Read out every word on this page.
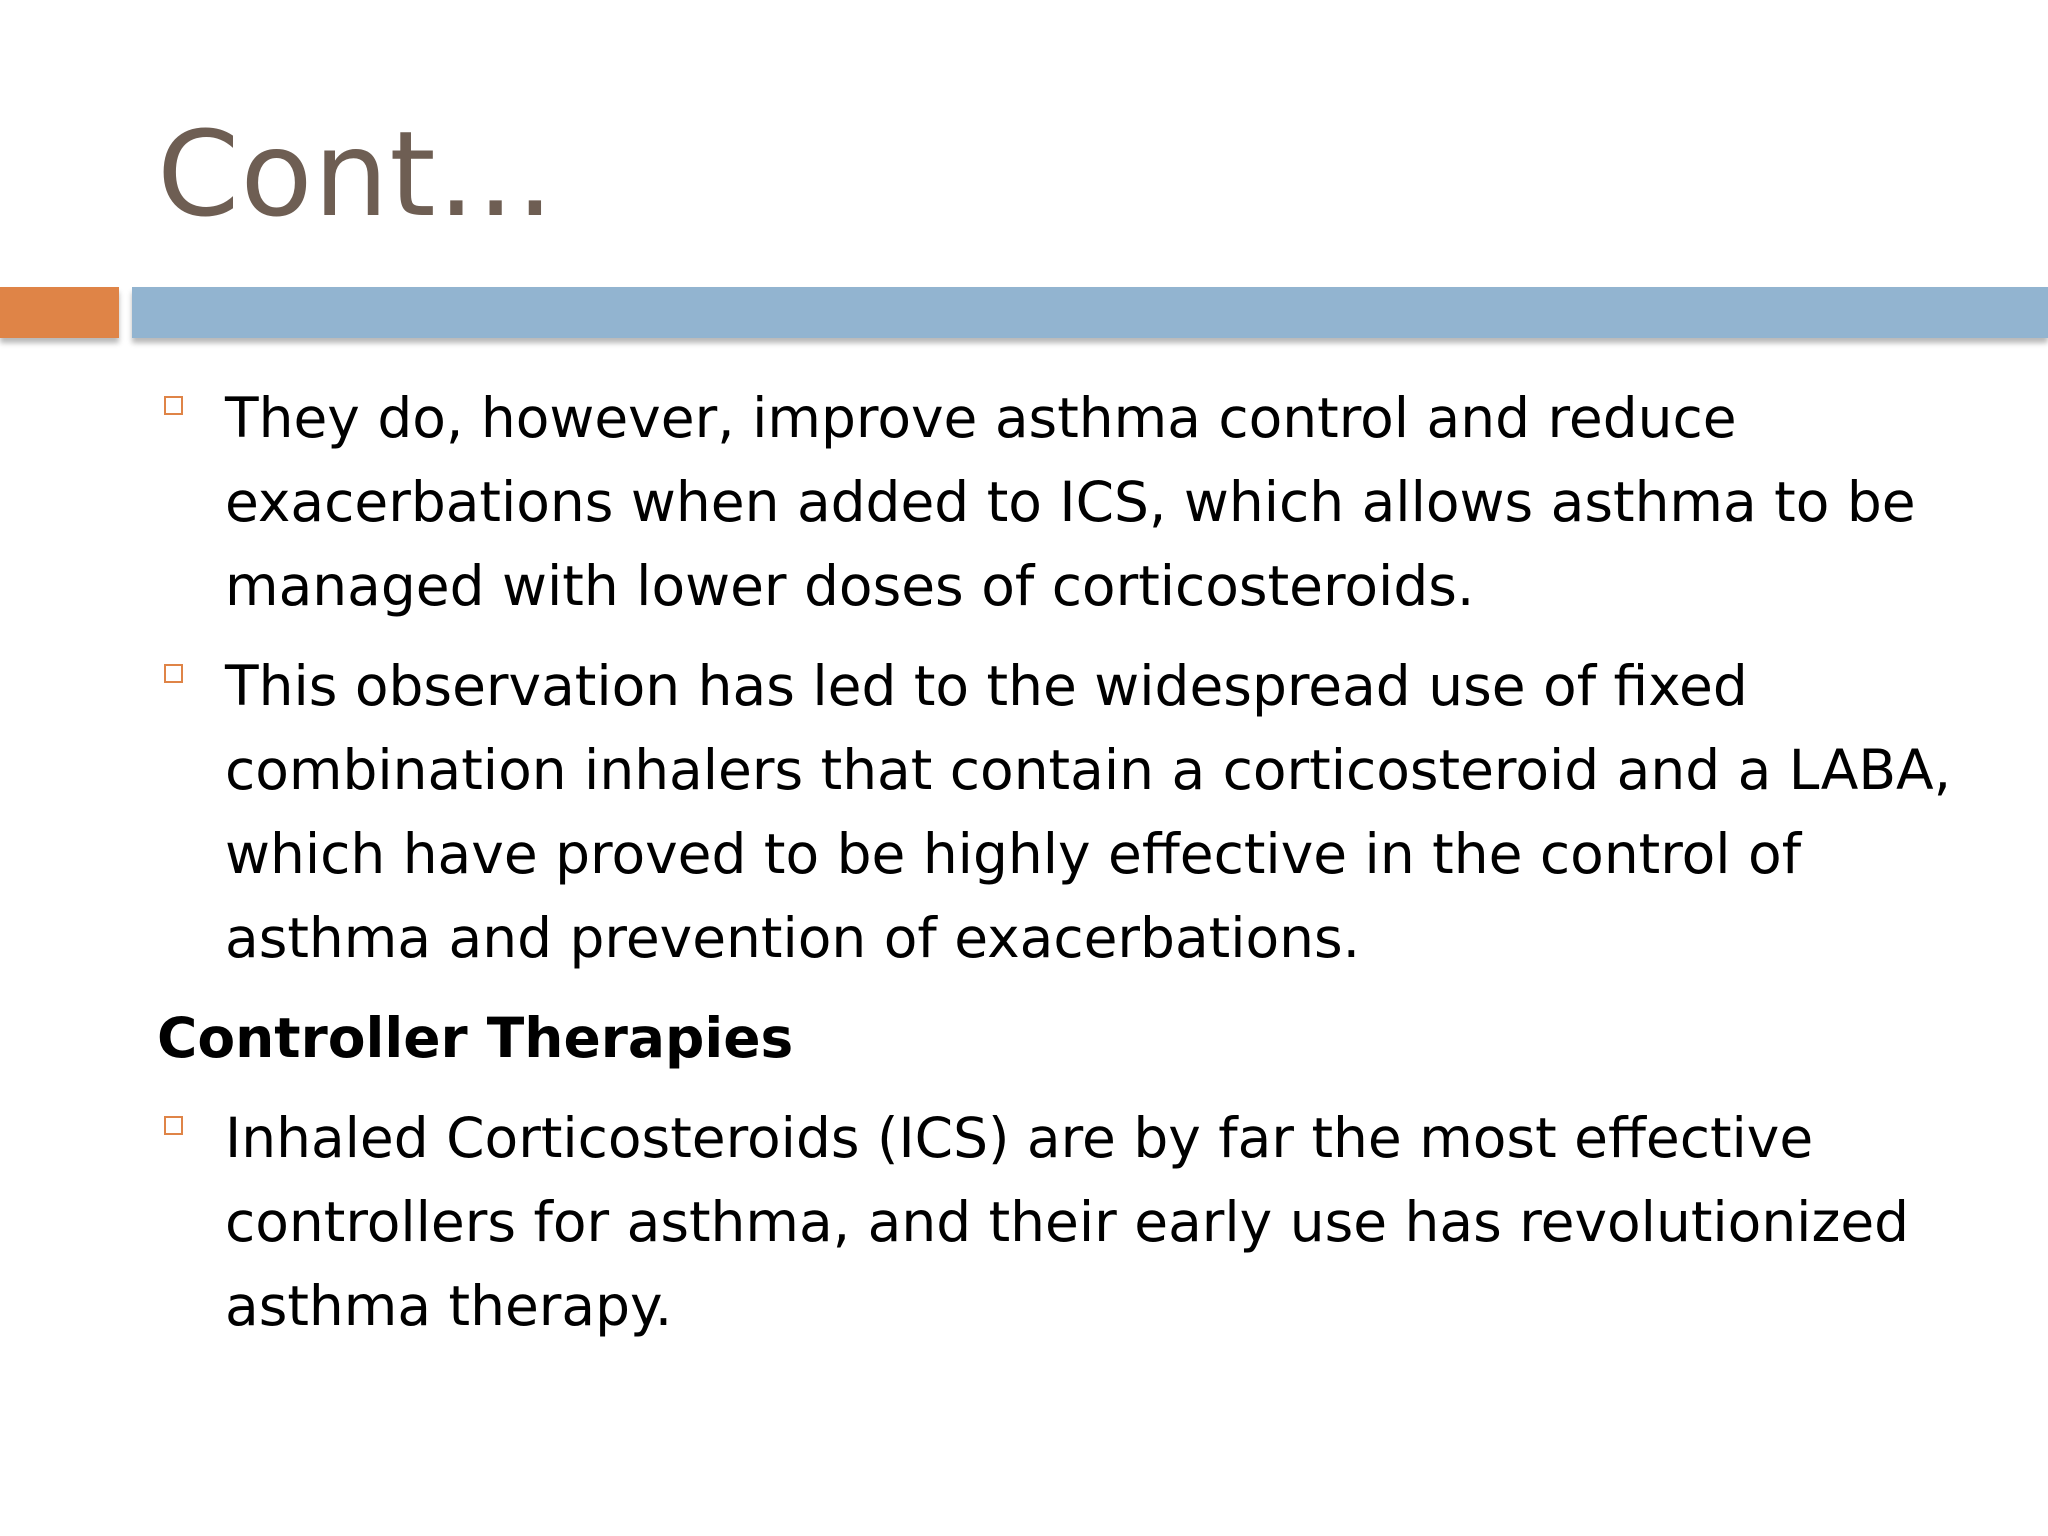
Cont…
They do, however, improve asthma control and reduce exacerbations when added to ICS, which allows asthma to be managed with lower doses of corticosteroids.
This observation has led to the widespread use of fixed combination inhalers that contain a corticosteroid and a LABA, which have proved to be highly effective in the control of asthma and prevention of exacerbations.
Controller Therapies
Inhaled Corticosteroids (ICS) are by far the most effective controllers for asthma, and their early use has revolutionized asthma therapy.
